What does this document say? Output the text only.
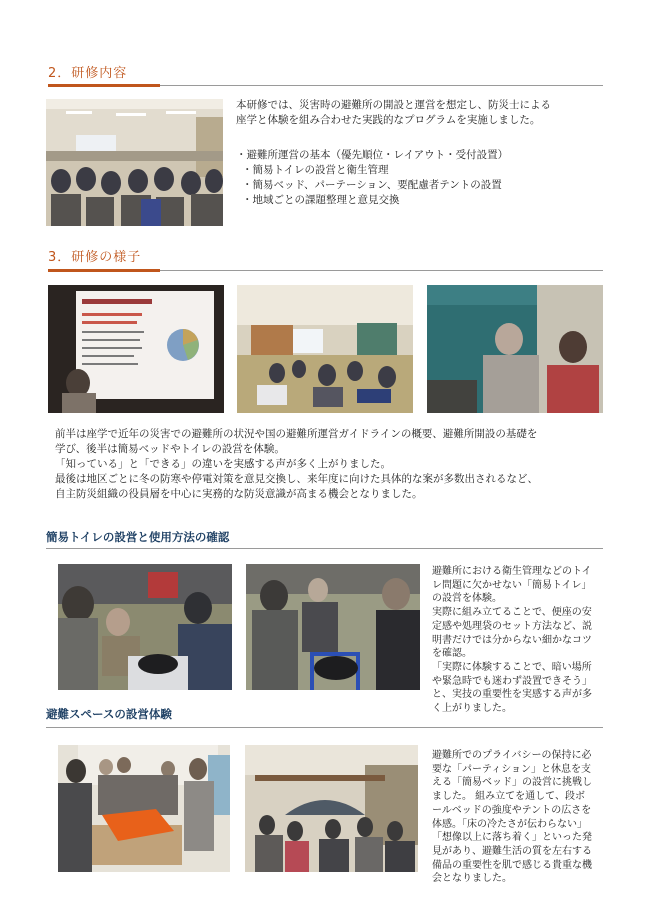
2．研修内容
本研修では、災害時の避難所の開設と運営を想定し、防災士による
座学と体験を組み合わせた実践的なプログラムを実施しました。
・避難所運営の基本（優先順位・レイアウト・受付設置）
・簡易トイレの設営と衛生管理
・簡易ベッド、パーテーション、要配慮者テントの設置
・地域ごとの課題整理と意見交換
3．研修の様子
前半は座学で近年の災害での避難所の状況や国の避難所運営ガイドラインの概要、避難所開設の基礎を
学び、後半は簡易ベッドやトイレの設営を体験。
「知っている」と「できる」の違いを実感する声が多く上がりました。
最後は地区ごとに冬の防寒や停電対策を意見交換し、来年度に向けた具体的な案が多数出されるなど、
自主防災組織の役員層を中心に実務的な防災意識が高まる機会となりました。
簡易トイレの設営と使用方法の確認
避難所における衛生管理などのトイ
レ問題に欠かせない「簡易トイレ」
の設営を体験。
実際に組み立てることで、便座の安
定感や処理袋のセット方法など、説
明書だけでは分からない細かなコツ
を確認。
「実際に体験することで、暗い場所
や緊急時でも迷わず設置できそう」
と、実技の重要性を実感する声が多
く上がりました。
避難スペースの設営体験
避難所でのプライバシーの保持に必
要な「パーティション」と休息を支
える「簡易ベッド」の設営に挑戦し
ました。 組み立てを通して、段ボ
ールベッドの強度やテントの広さを
体感。「床の冷たさが伝わらない」
「想像以上に落ち着く」といった発
見があり、避難生活の質を左右する
備品の重要性を肌で感じる貴重な機
会となりました。
